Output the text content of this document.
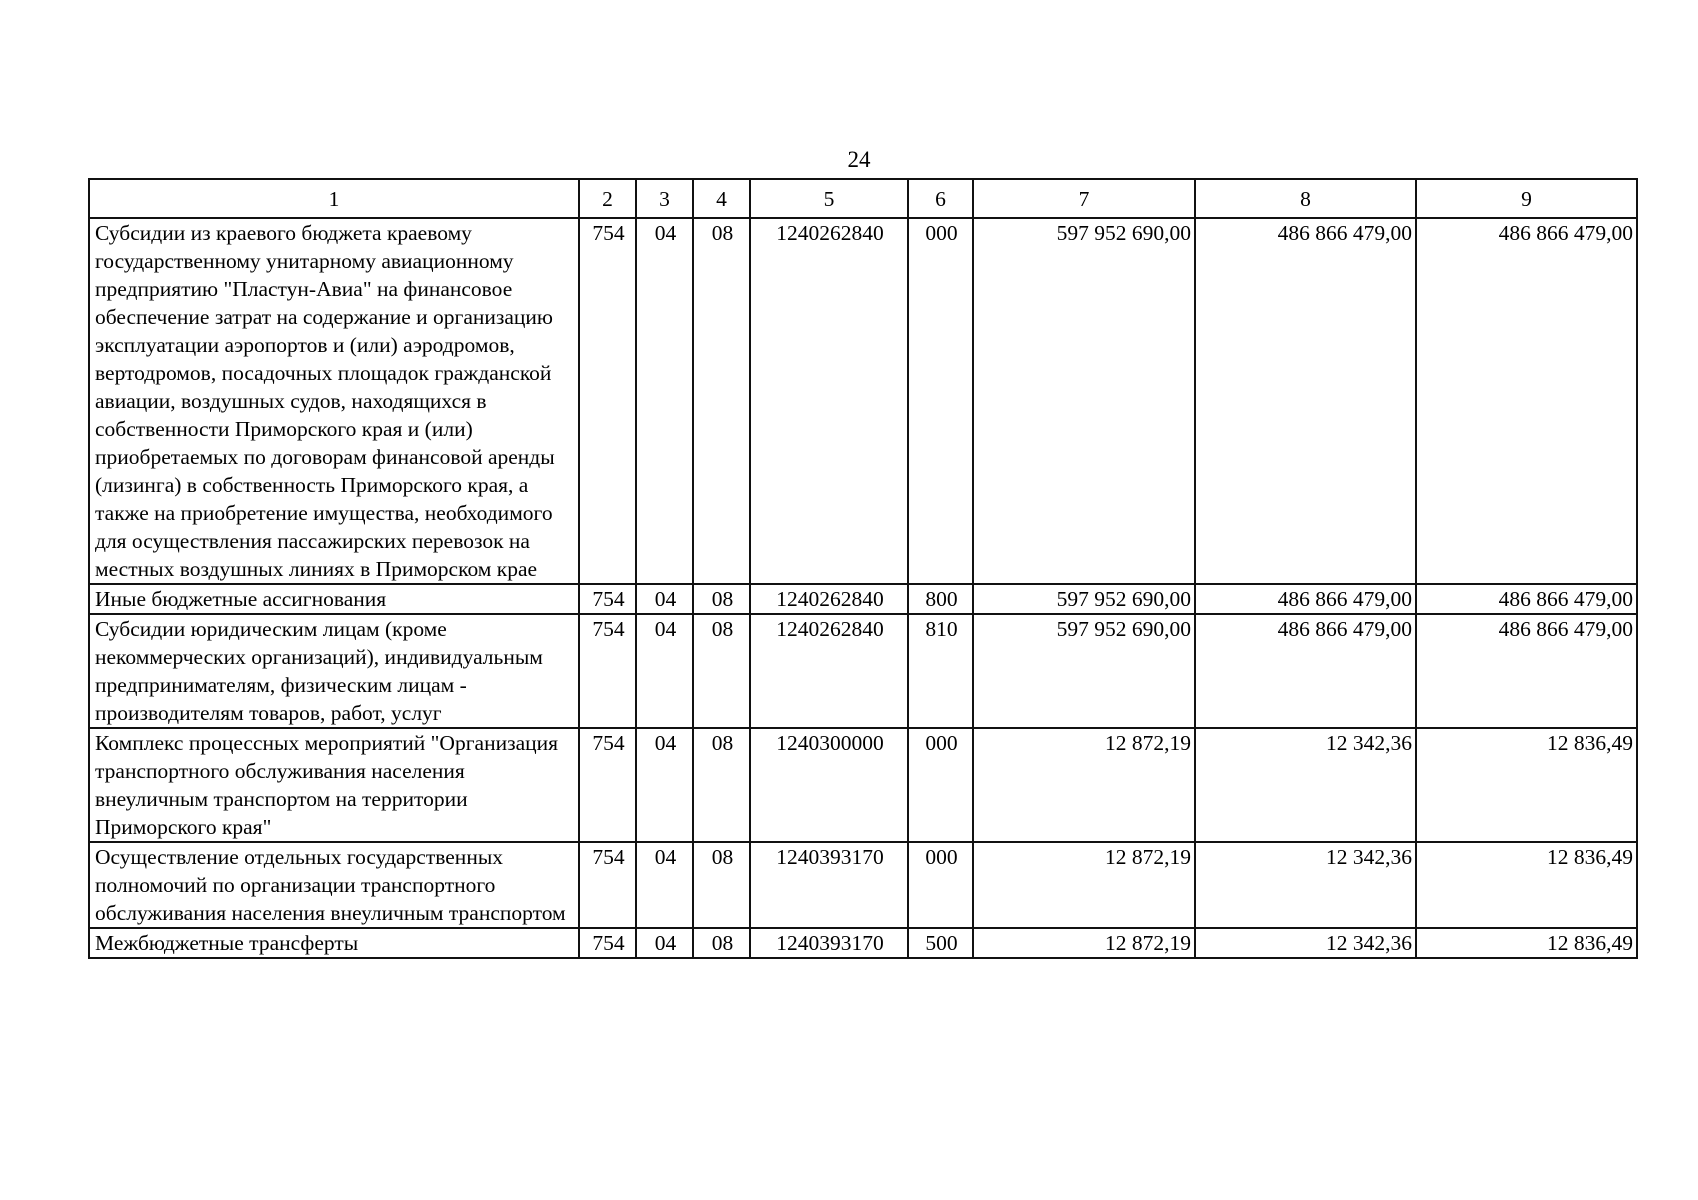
24
1	2	3	4	5	6	7	8	9
Субсидии из краевого бюджета краевому государственному унитарному авиационному предприятию "Пластун-Авиа" на финансовое обеспечение затрат на содержание и организацию эксплуатации аэропортов и (или) аэродромов, вертодромов, посадочных площадок гражданской авиации, воздушных судов, находящихся в собственности Приморского края и (или) приобретаемых по договорам финансовой аренды (лизинга) в собственность Приморского края, а также на приобретение имущества, необходимого для осуществления пассажирских перевозок на местных воздушных линиях в Приморском крае	754	04	08	1240262840	000	597 952 690,00	486 866 479,00	486 866 479,00
Иные бюджетные ассигнования	754	04	08	1240262840	800	597 952 690,00	486 866 479,00	486 866 479,00
Субсидии юридическим лицам (кроме некоммерческих организаций), индивидуальным предпринимателям, физическим лицам - производителям товаров, работ, услуг	754	04	08	1240262840	810	597 952 690,00	486 866 479,00	486 866 479,00
Комплекс процессных мероприятий "Организация транспортного обслуживания населения внеуличным транспортом на территории Приморского края"	754	04	08	1240300000	000	12 872,19	12 342,36	12 836,49
Осуществление отдельных государственных полномочий по организации транспортного обслуживания населения внеуличным транспортом	754	04	08	1240393170	000	12 872,19	12 342,36	12 836,49
Межбюджетные трансферты	754	04	08	1240393170	500	12 872,19	12 342,36	12 836,49
